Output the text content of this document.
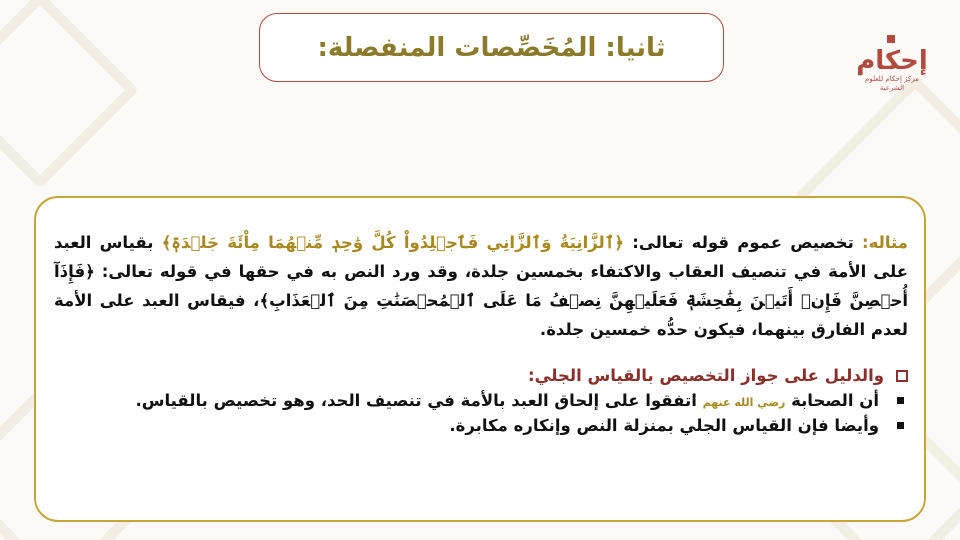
ثانيا: المُخَصِّصات المنفصلة:	إحكام
مركز إحكام للعلوم الشرعية

مثاله: تخصيص عموم قوله تعالى: ﴿ٱلزَّانِيَةُ وَٱلزَّانِي فَٱجۡلِدُواْ كُلَّ وَٰحِدٖ مِّنۡهُمَا مِاْئَةَ جَلۡدَةٖ﴾ بقياس العبد على الأمة في تنصيف العقاب والاكتفاء بخمسين جلدة، وقد ورد النص به في حقها في قوله تعالى: ﴿فَإِذَآ أُحۡصِنَّ فَإِنۡ أَتَيۡنَ بِفَٰحِشَةٖ فَعَلَيۡهِنَّ نِصۡفُ مَا عَلَى ٱلۡمُحۡصَنَٰتِ مِنَ ٱلۡعَذَابِ﴾، فيقاس العبد على الأمة لعدم الفارق بينهما، فيكون حدُّه خمسين جلدة.

والدليل على جواز التخصيص بالقياس الجلي:
أن الصحابة رضي الله عنهم اتفقوا على إلحاق العبد بالأمة في تنصيف الحد، وهو تخصيص بالقياس.
وأيضا فإن القياس الجلي بمنزلة النص وإنكاره مكابرة.
